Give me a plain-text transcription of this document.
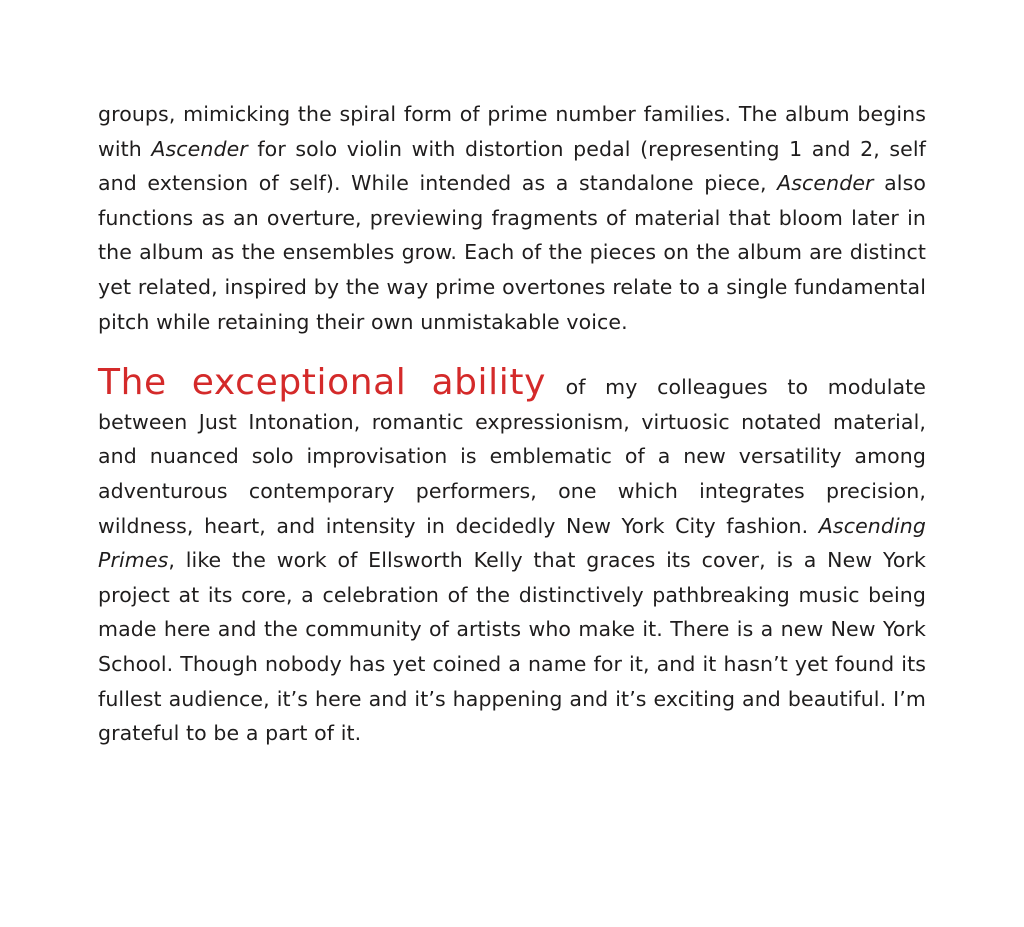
groups, mimicking the spiral form of prime number families. The album begins with Ascender for solo violin with distortion pedal (representing 1 and 2, self and extension of self). While intended as a standalone piece, Ascender also functions as an overture, previewing fragments of material that bloom later in the album as the ensembles grow. Each of the pieces on the album are distinct yet related, inspired by the way prime overtones relate to a single fundamental pitch while retaining their own unmistakable voice.

The exceptional ability of my colleagues to modulate between Just Intonation, romantic expressionism, virtuosic notated material, and nuanced solo improvisation is emblematic of a new versatility among adventurous contemporary performers, one which integrates precision, wildness, heart, and intensity in decidedly New York City fashion. Ascending Primes, like the work of Ellsworth Kelly that graces its cover, is a New York project at its core, a celebration of the distinctively pathbreaking music being made here and the community of artists who make it. There is a new New York School. Though nobody has yet coined a name for it, and it hasn’t yet found its fullest audience, it’s here and it’s happening and it’s exciting and beautiful. I’m grateful to be a part of it.
